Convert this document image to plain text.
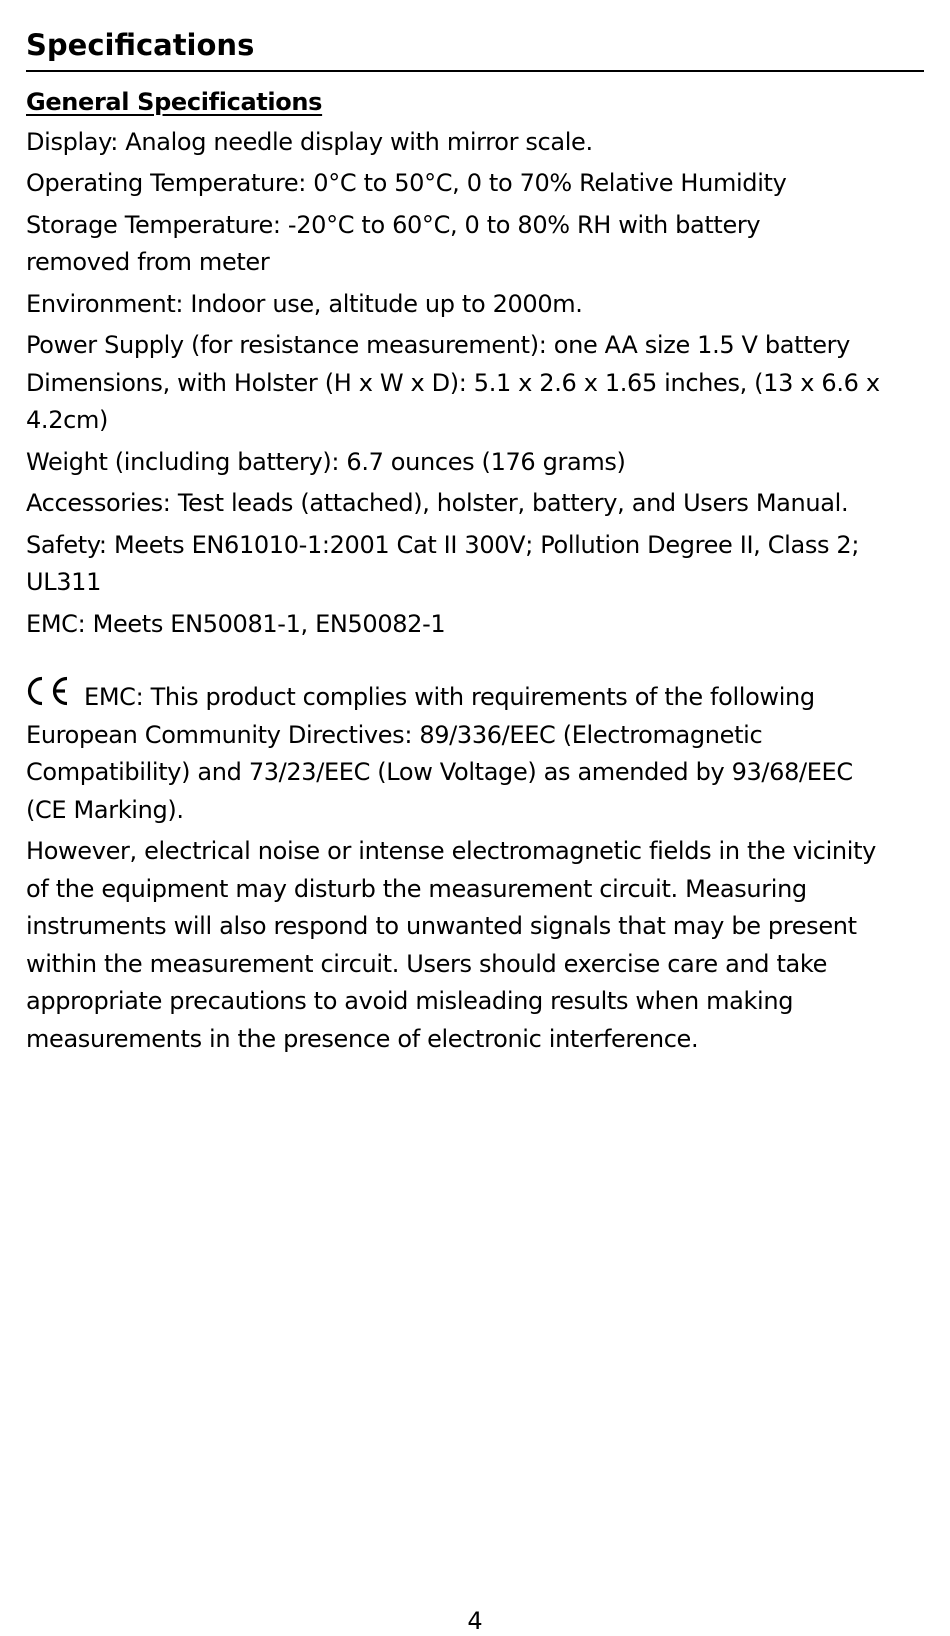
Specifications

General Specifications

Display: Analog needle display with mirror scale.

Operating Temperature: 0°C to 50°C, 0 to 70% Relative Humidity

Storage Temperature: -20°C to 60°C, 0 to 80% RH with battery removed from meter

Environment: Indoor use, altitude up to 2000m.

Power Supply (for resistance measurement): one AA size 1.5 V battery Dimensions, with Holster (H x W x D): 5.1 x 2.6 x 1.65 inches, (13 x 6.6 x 4.2cm)

Weight (including battery): 6.7 ounces (176 grams)

Accessories: Test leads (attached), holster, battery, and Users Manual.

Safety: Meets EN61010-1:2001 Cat II 300V; Pollution Degree II, Class 2; UL311

EMC: Meets EN50081-1, EN50082-1

EMC: This product complies with requirements of the following European Community Directives: 89/336/EEC (Electromagnetic Compatibility) and 73/23/EEC (Low Voltage) as amended by 93/68/EEC (CE Marking).

However, electrical noise or intense electromagnetic fields in the vicinity of the equipment may disturb the measurement circuit. Measuring instruments will also respond to unwanted signals that may be present within the measurement circuit. Users should exercise care and take appropriate precautions to avoid misleading results when making measurements in the presence of electronic interference.

4
